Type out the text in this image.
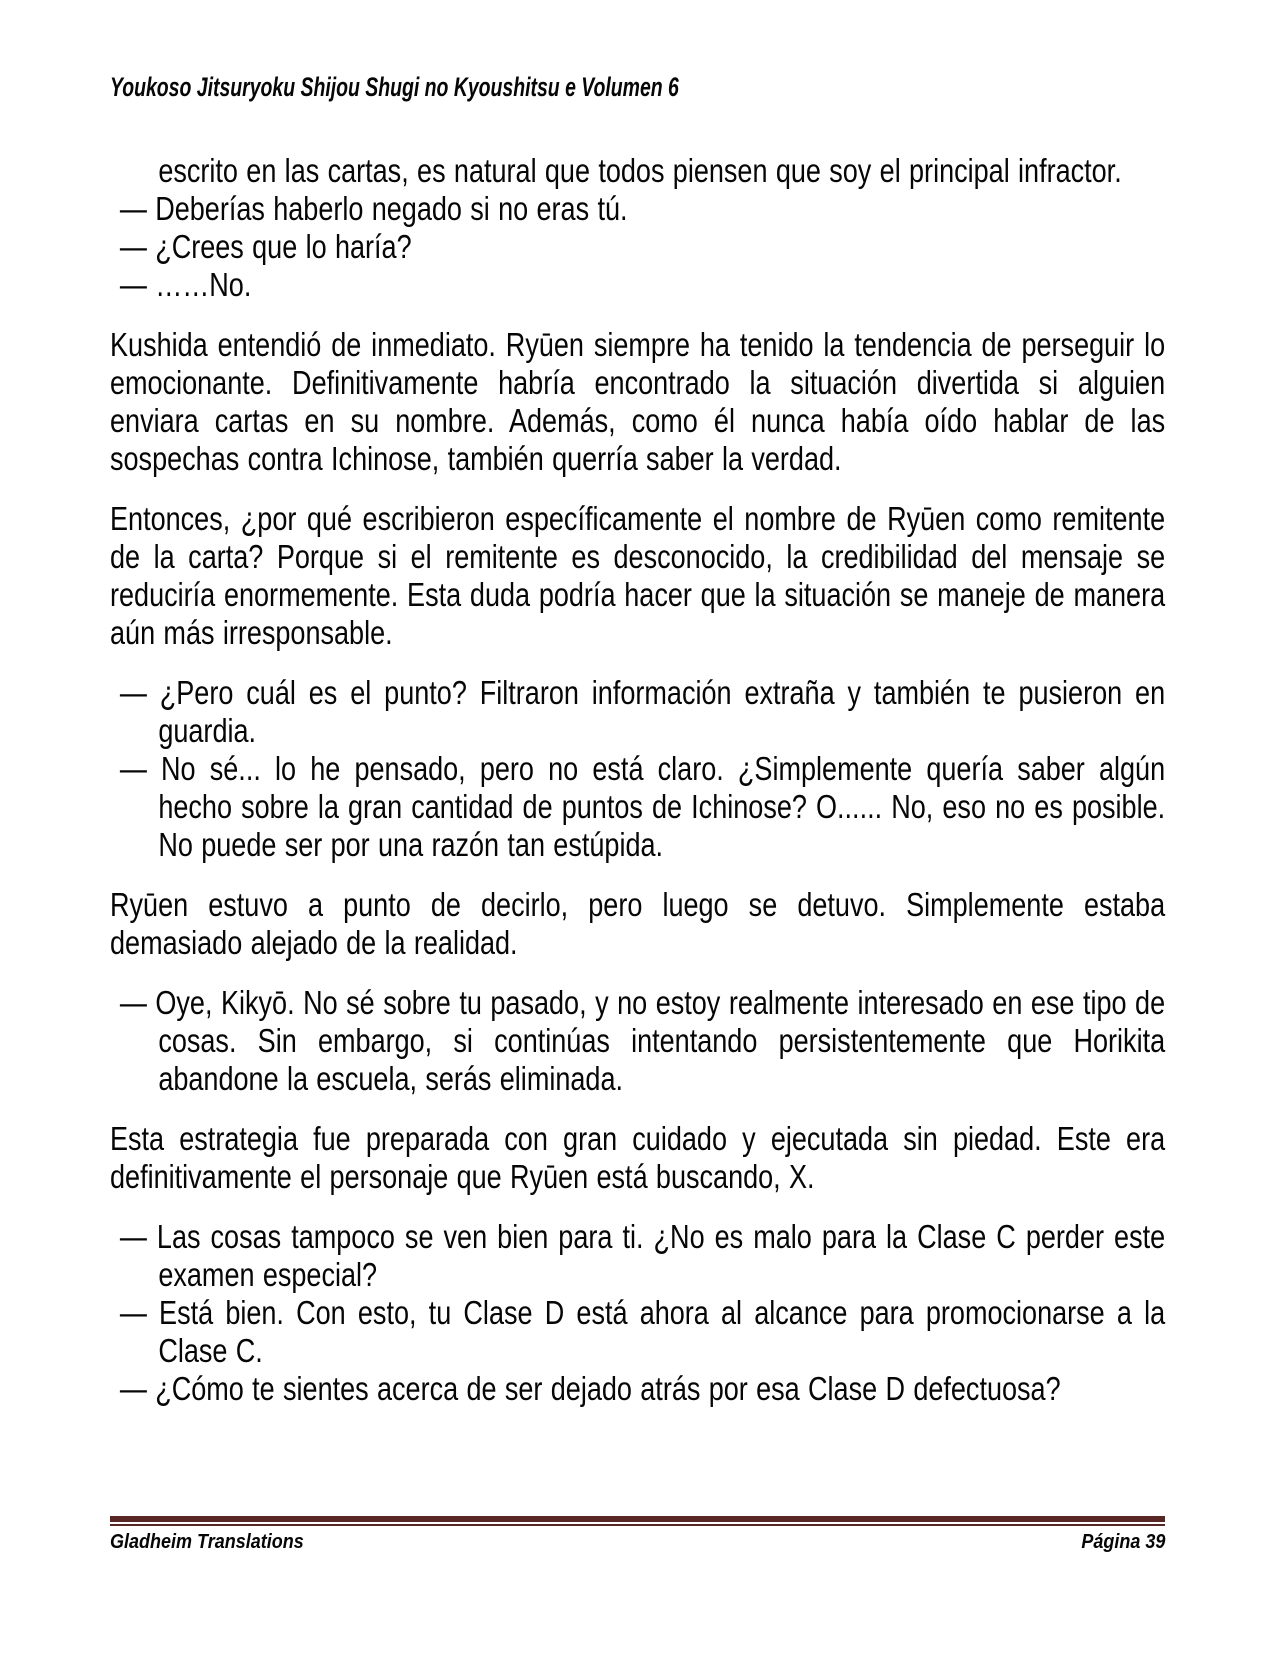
Youkoso Jitsuryoku Shijou Shugi no Kyoushitsu e Volumen 6

escrito en las cartas, es natural que todos piensen que soy el principal infractor.

— Deberías haberlo negado si no eras tú.

— ¿Crees que lo haría?

— ……No.

Kushida entendió de inmediato. Ryūen siempre ha tenido la tendencia de perseguir lo emocionante. Definitivamente habría encontrado la situación divertida si alguien enviara cartas en su nombre. Además, como él nunca había oído hablar de las sospechas contra Ichinose, también querría saber la verdad.

Entonces, ¿por qué escribieron específicamente el nombre de Ryūen como remitente de la carta? Porque si el remitente es desconocido, la credibilidad del mensaje se reduciría enormemente. Esta duda podría hacer que la situación se maneje de manera aún más irresponsable.

— ¿Pero cuál es el punto? Filtraron información extraña y también te pusieron en guardia.

— No sé... lo he pensado, pero no está claro. ¿Simplemente quería saber algún hecho sobre la gran cantidad de puntos de Ichinose? O...... No, eso no es posible. No puede ser por una razón tan estúpida.

Ryūen estuvo a punto de decirlo, pero luego se detuvo. Simplemente estaba demasiado alejado de la realidad.

— Oye, Kikyō. No sé sobre tu pasado, y no estoy realmente interesado en ese tipo de cosas. Sin embargo, si continúas intentando persistentemente que Horikita abandone la escuela, serás eliminada.

Esta estrategia fue preparada con gran cuidado y ejecutada sin piedad. Este era definitivamente el personaje que Ryūen está buscando, X.

— Las cosas tampoco se ven bien para ti. ¿No es malo para la Clase C perder este examen especial?

— Está bien. Con esto, tu Clase D está ahora al alcance para promocionarse a la Clase C.

— ¿Cómo te sientes acerca de ser dejado atrás por esa Clase D defectuosa?

Gladheim Translations	Página 39
